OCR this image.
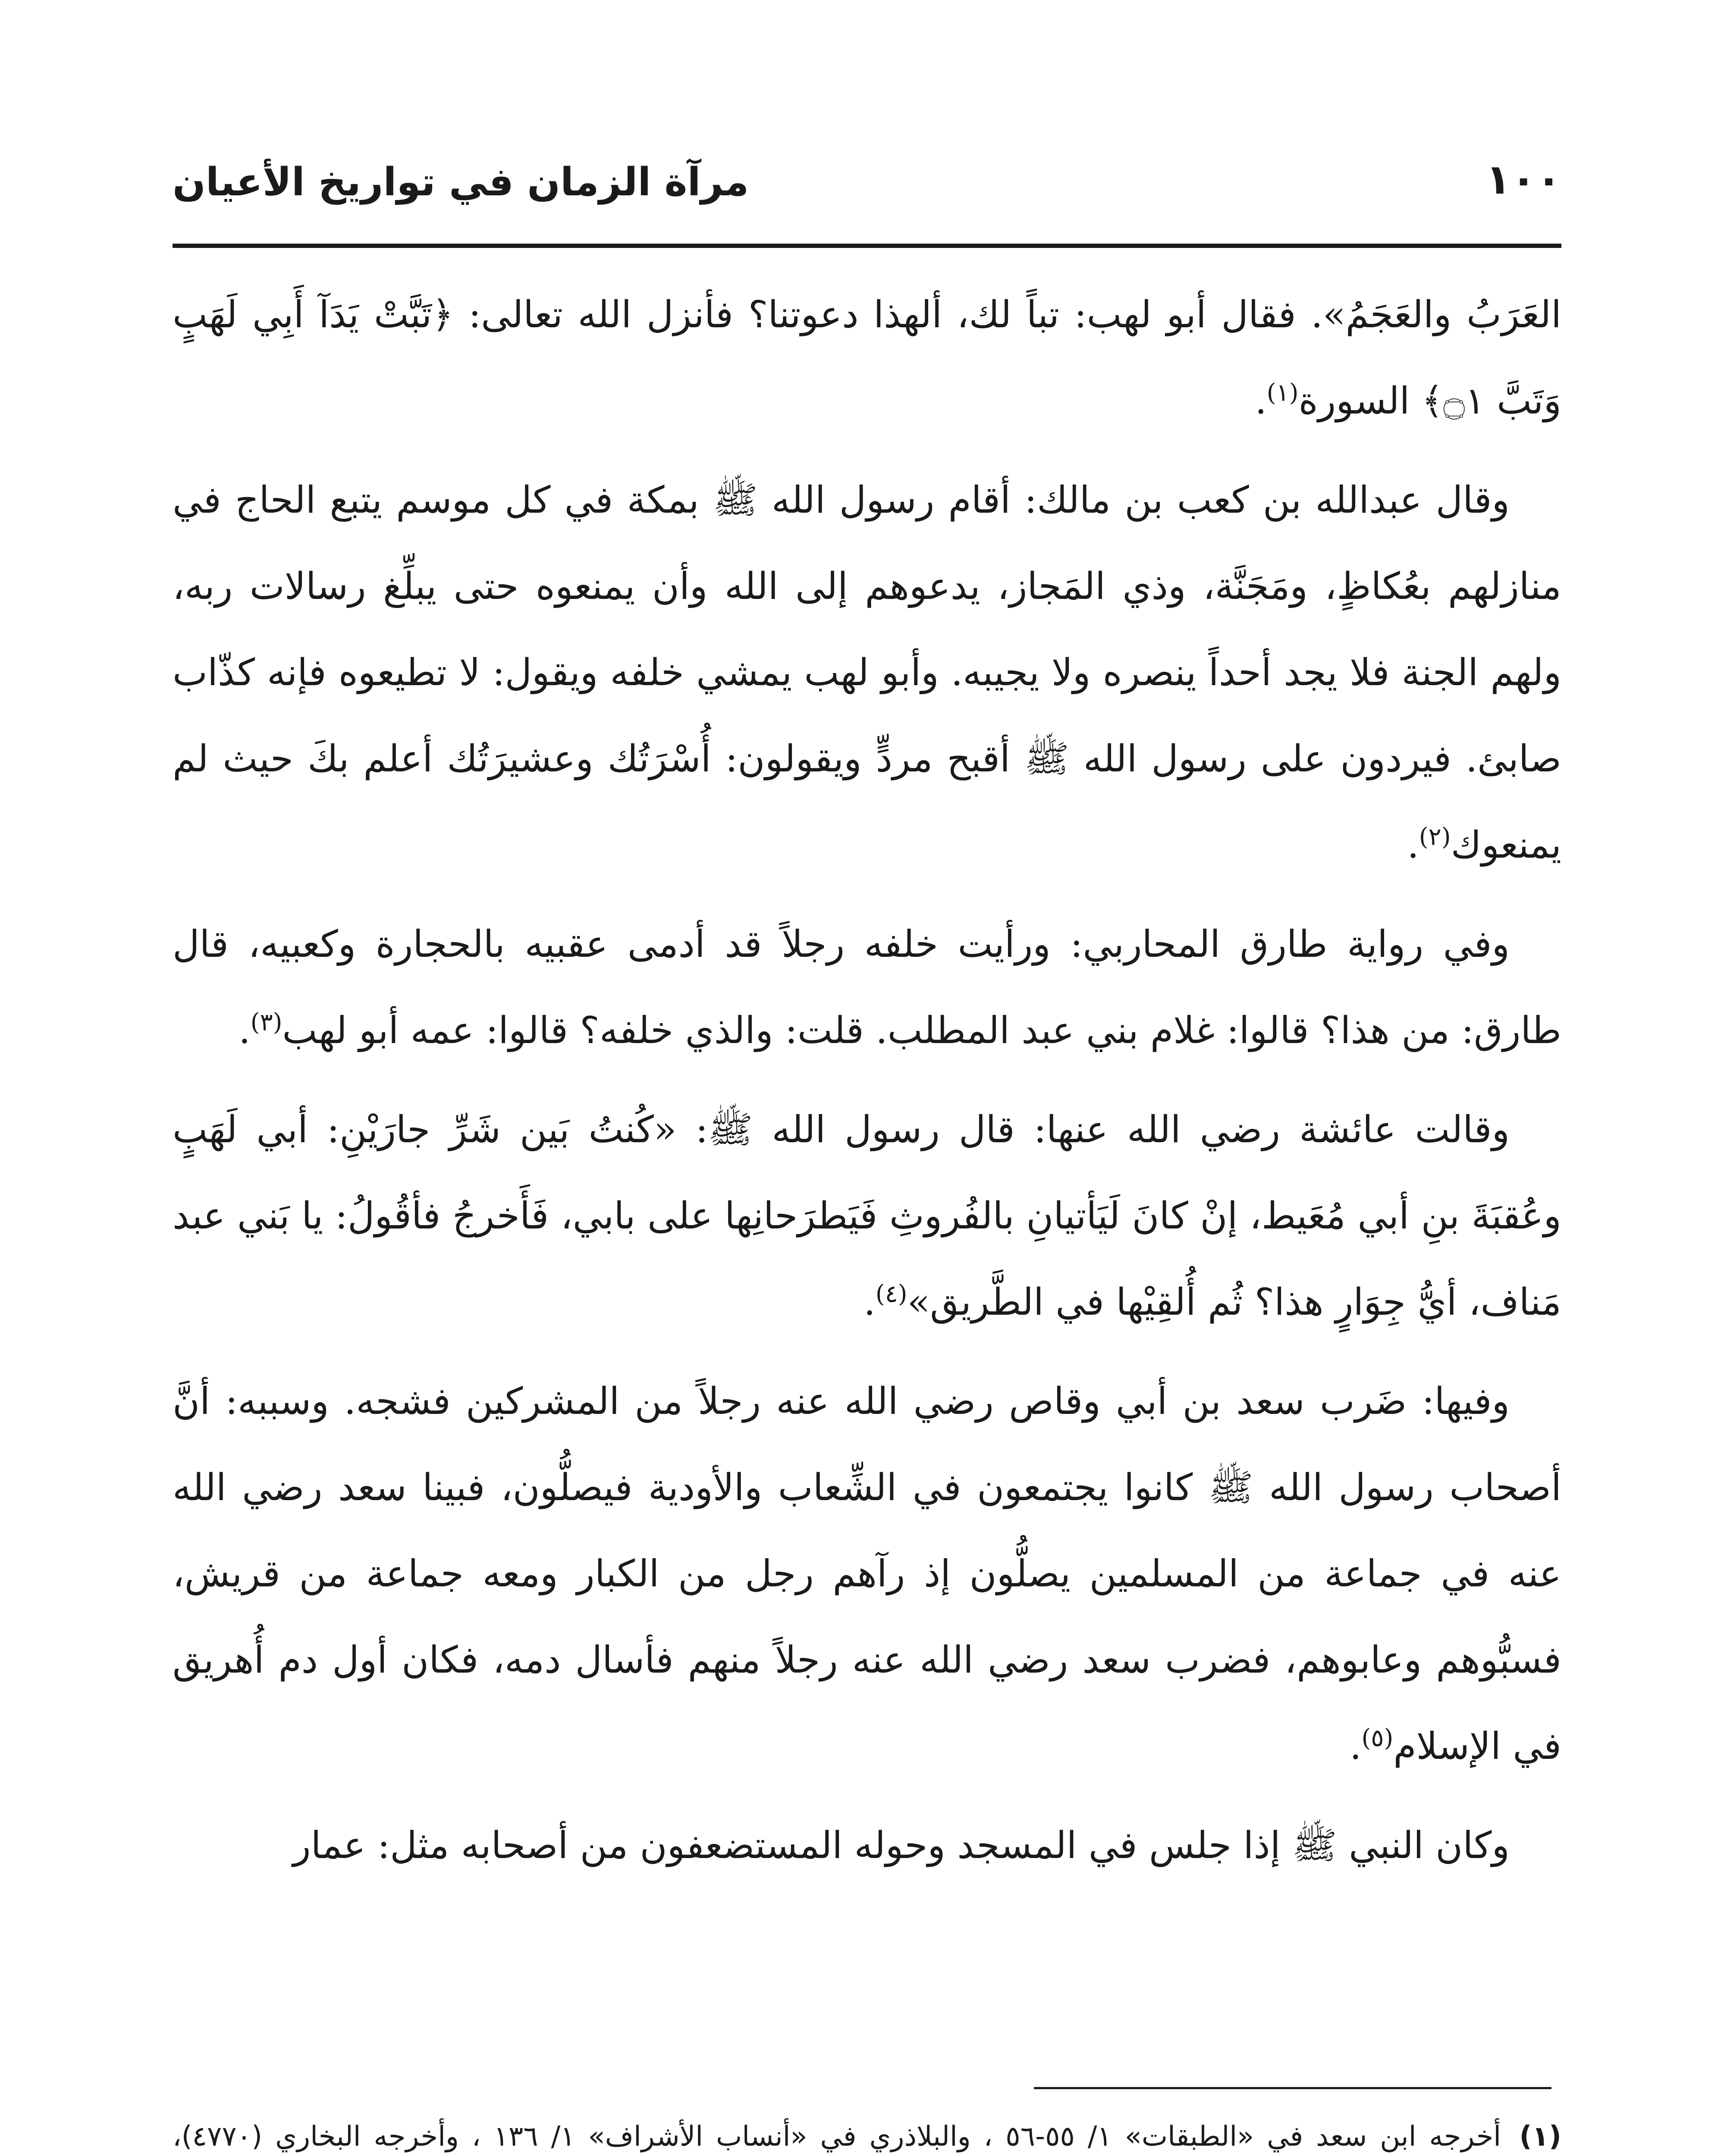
١٠٠
مرآة الزمان في تواريخ الأعيان

العَرَبُ والعَجَمُ». فقال أبو لهب: تباً لك، ألهذا دعوتنا؟ فأنزل الله تعالى: ﴿تَبَّتْ يَدَآ أَبِي لَهَبٍ وَتَبَّ ۝١﴾ السورة$^{(١)}$.

وقال عبدالله بن كعب بن مالك: أقام رسول الله ﷺ بمكة في كل موسم يتبع الحاج في منازلهم بعُكاظٍ، ومَجَنَّة، وذي المَجاز، يدعوهم إلى الله وأن يمنعوه حتى يبلِّغ رسالات ربه، ولهم الجنة فلا يجد أحداً ينصره ولا يجيبه. وأبو لهب يمشي خلفه ويقول: لا تطيعوه فإنه كذّاب صابئ. فيردون على رسول الله ﷺ أقبح مردٍّ ويقولون: أُسْرَتُك وعشيرَتُك أعلم بكَ حيث لم يمنعوك$^{(٢)}$.

وفي رواية طارق المحاربي: ورأيت خلفه رجلاً قد أدمى عقبيه بالحجارة وكعبيه، قال طارق: من هذا؟ قالوا: غلام بني عبد المطلب. قلت: والذي خلفه؟ قالوا: عمه أبو لهب$^{(٣)}$.

وقالت عائشة رضي الله عنها: قال رسول الله ﷺ: «كُنتُ بَين شَرِّ جارَيْنِ: أبي لَهَبٍ وعُقبَةَ بنِ أبي مُعَيط، إنْ كانَ لَيَأتيانِ بالفُروثِ فَيَطرَحانِها على بابي، فَأَخرجُ فأقُولُ: يا بَني عبد مَناف، أيُّ جِوَارٍ هذا؟ ثُم أُلقِيْها في الطَّريق»$^{(٤)}$.

وفيها: ضَرب سعد بن أبي وقاص رضي الله عنه رجلاً من المشركين فشجه. وسببه: أنَّ أصحاب رسول الله ﷺ كانوا يجتمعون في الشِّعاب والأودية فيصلُّون، فبينا سعد رضي الله عنه في جماعة من المسلمين يصلُّون إذ رآهم رجل من الكبار ومعه جماعة من قريش، فسبُّوهم وعابوهم، فضرب سعد رضي الله عنه رجلاً منهم فأسال دمه، فكان أول دم أُهريق في الإسلام$^{(٥)}$.

وكان النبي ﷺ إذا جلس في المسجد وحوله المستضعفون من أصحابه مثل: عمار

(١)
أخرجه ابن سعد في «الطبقات» ١/ ٥٥-٥٦ ، والبلاذري في «أنساب الأشراف» ١/ ١٣٦ ، وأخرجه البخاري (٤٧٧٠)،
